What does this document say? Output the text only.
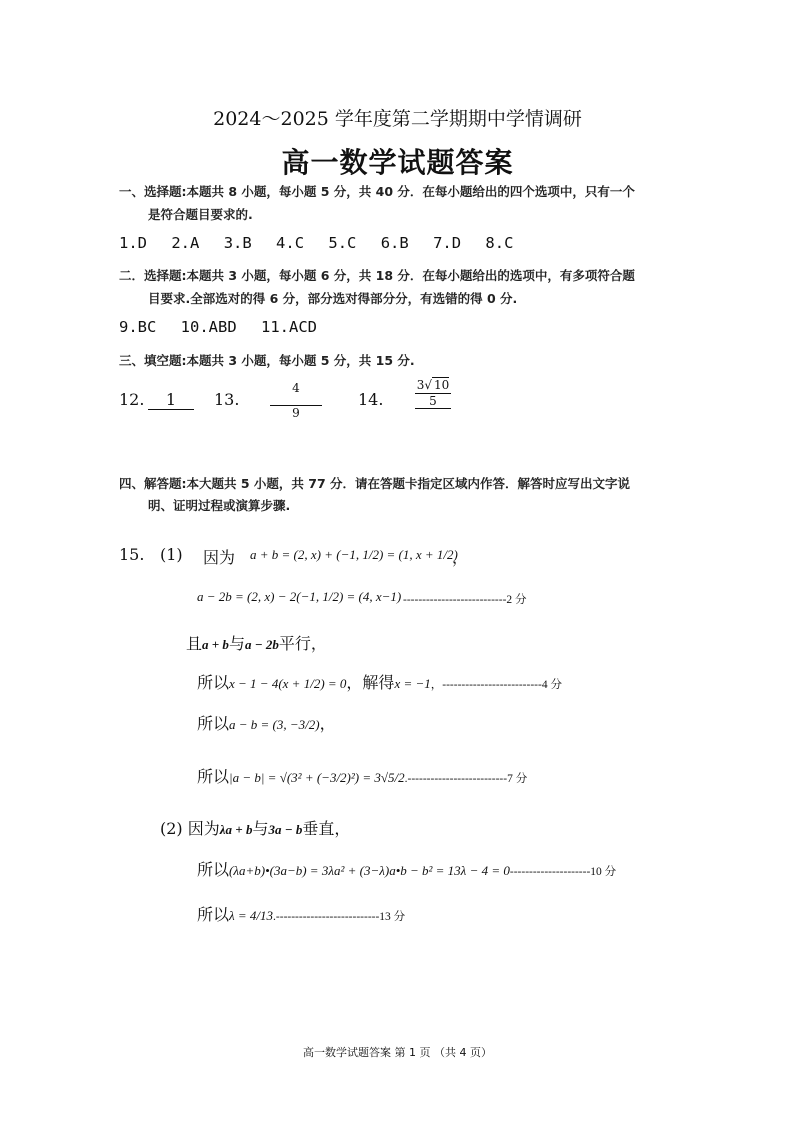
2024～2025 学年度第二学期期中学情调研
高一数学试题答案
一、选择题:本题共 8 小题，每小题 5 分，共 40 分．在每小题给出的四个选项中，只有一个
是符合题目要求的.
1.D 2.A 3.B 4.C 5.C 6.B 7.D 8.C
二．选择题:本题共 3 小题，每小题 6 分，共 18 分．在每小题给出的选项中，有多项符合题
目要求.全部选对的得 6 分，部分选对得部分分，有选错的得 0 分.
9.BC 10.ABD 11.ACD
三、填空题:本题共 3 小题，每小题 5 分，共 15 分.
12.	1	13.	$\frac{4}{9} 14$.	$\frac{3√ 10}{5}$
四、解答题:本大题共 5 小题，共 77 分．请在答题卡指定区域内作答．解答时应写出文字说
明、证明过程或演算步骤.
15. (1) 因为 a + b = (2, x) + (−1, 1/2) = (1, x + 1/2)
，
a − 2b = (2, x) − 2(−1, 1/2) = (4, x−1) ---------------------------2 分
且a + b与a − 2b平行，
所以x − 1 − 4(x + 1/2) = 0，解得x = −1，--------------------------4 分
所以a − b = (3, −3/2)，
所以|a − b| = √(3² + (−3/2)²) = 3√5/2.--------------------------7 分
(2) 因为λa + b与3a − b垂直，
所以(λa+b)•(3a−b) = 3λa² + (3−λ)a•b − b² = 13λ − 4 = 0---------------------10 分
所以λ = 4/13.---------------------------13 分
高一数学试题答案 第 1 页 （共 4 页）
